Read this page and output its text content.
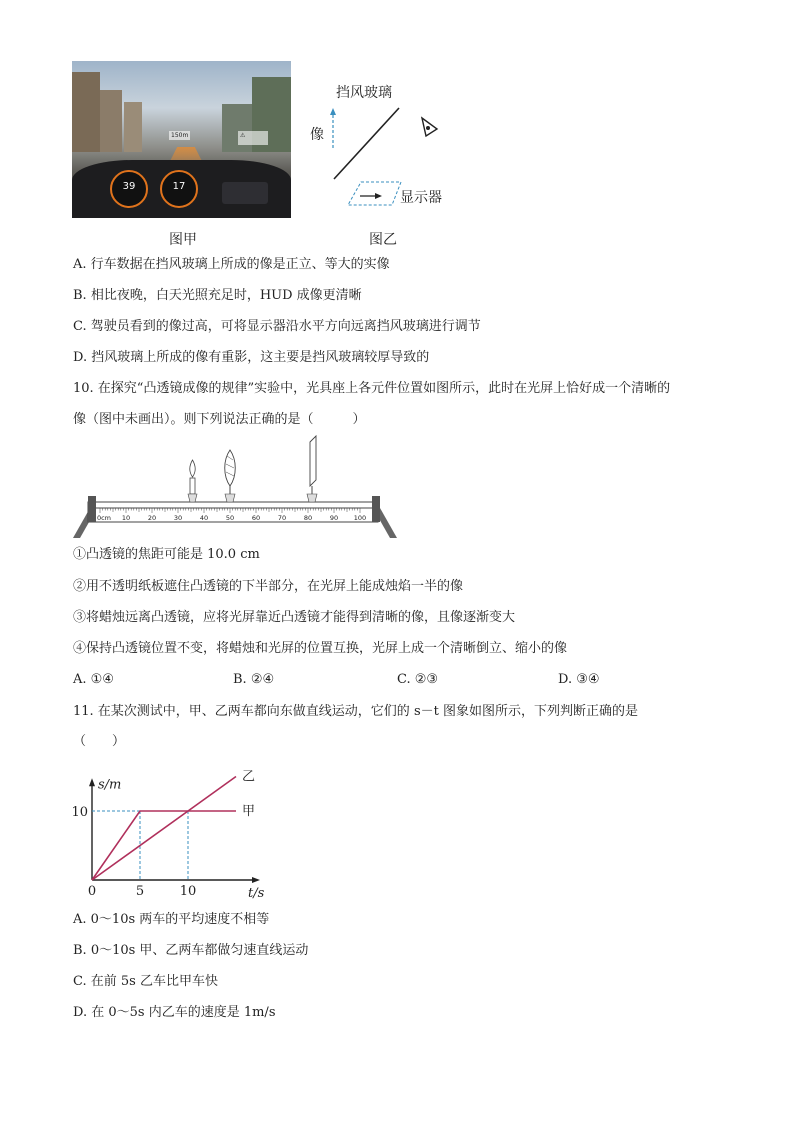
150m	⚠
39	17
图甲
挡风玻璃
像
显示器
图乙
A. 行车数据在挡风玻璃上所成的像是正立、等大的实像
B. 相比夜晚，白天光照充足时，HUD 成像更清晰
C. 驾驶员看到的像过高，可将显示器沿水平方向远离挡风玻璃进行调节
D. 挡风玻璃上所成的像有重影，这主要是挡风玻璃较厚导致的
10. 在探究“凸透镜成像的规律”实验中，光具座上各元件位置如图所示，此时在光屏上恰好成一个清晰的
像（图中未画出）。则下列说法正确的是（　　　）
0cm 10	20	30	40	50	60	70	80	90 100
①凸透镜的焦距可能是 10.0 cm
②用不透明纸板遮住凸透镜的下半部分，在光屏上能成烛焰一半的像
③将蜡烛远离凸透镜，应将光屏靠近凸透镜才能得到清晰的像，且像逐渐变大
④保持凸透镜位置不变，将蜡烛和光屏的位置互换，光屏上成一个清晰倒立、缩小的像
A. ①④	B. ②④	C. ②③	D. ③④
11. 在某次测试中，甲、乙两车都向东做直线运动，它们的 s－t 图象如图所示，下列判断正确的是
（　　）
甲
乙
0	5	10
10
t/s
s/m
A. 0～10s 两车的平均速度不相等
B. 0～10s 甲、乙两车都做匀速直线运动
C. 在前 5s 乙车比甲车快
D. 在 0～5s 内乙车的速度是 1m/s
